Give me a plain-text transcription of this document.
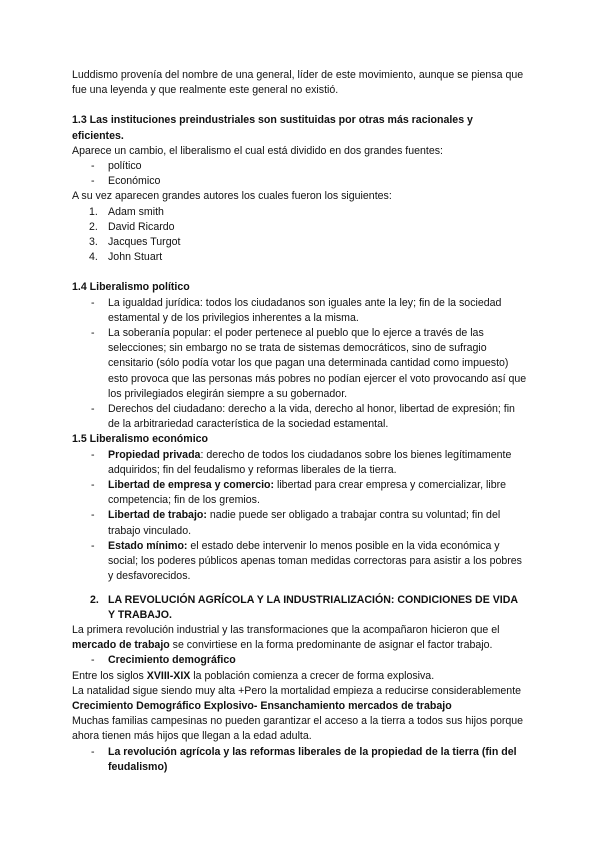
Luddismo provenía del nombre de una general, líder de este movimiento, aunque se piensa que fue una leyenda y que realmente este general no existió.

1.3 Las instituciones preindustriales son sustituidas por otras más racionales y eficientes.

Aparece un cambio, el liberalismo el cual está dividido en dos grandes fuentes:

- político
- Económico

A su vez aparecen grandes autores los cuales fueron los siguientes:

1. Adam smith
2. David Ricardo
3. Jacques Turgot
4. John Stuart
1.4 Liberalismo político
- La igualdad jurídica: todos los ciudadanos son iguales ante la ley; fin de la sociedad estamental y de los privilegios inherentes a la misma.
- La soberanía popular: el poder pertenece al pueblo que lo ejerce a través de las selecciones; sin embargo no se trata de sistemas democráticos, sino de sufragio censitario (sólo podía votar los que pagan una determinada cantidad como impuesto) esto provoca que las personas más pobres no podían ejercer el voto provocando así que los privilegiados elegirán siempre a su gobernador.
- Derechos del ciudadano: derecho a la vida, derecho al honor, libertad de expresión; fin de la arbitrariedad característica de la sociedad estamental.
1.5 Liberalismo económico
- Propiedad privada: derecho de todos los ciudadanos sobre los bienes legítimamente adquiridos; fin del feudalismo y reformas liberales de la tierra.
- Libertad de empresa y comercio: libertad para crear empresa y comercializar, libre competencia; fin de los gremios.
- Libertad de trabajo: nadie puede ser obligado a trabajar contra su voluntad; fin del trabajo vinculado.
- Estado mínimo: el estado debe intervenir lo menos posible en la vida económica y social; los poderes públicos apenas toman medidas correctoras para asistir a los pobres y desfavorecidos.
2. LA REVOLUCIÓN AGRÍCOLA Y LA INDUSTRIALIZACIÓN: CONDICIONES DE VIDA Y TRABAJO.

La primera revolución industrial y las transformaciones que la acompañaron hicieron que el mercado de trabajo se convirtiese en la forma predominante de asignar el factor trabajo.

- Crecimiento demográfico

Entre los siglos XVIII-XIX la población comienza a crecer de forma explosiva.

La natalidad sigue siendo muy alta +Pero la mortalidad empieza a reducirse considerablemente

Crecimiento Demográfico Explosivo- Ensanchamiento mercados de trabajo

Muchas familias campesinas no pueden garantizar el acceso a la tierra a todos sus hijos porque ahora tienen más hijos que llegan a la edad adulta.

- La revolución agrícola y las reformas liberales de la propiedad de la tierra (fin del feudalismo)
